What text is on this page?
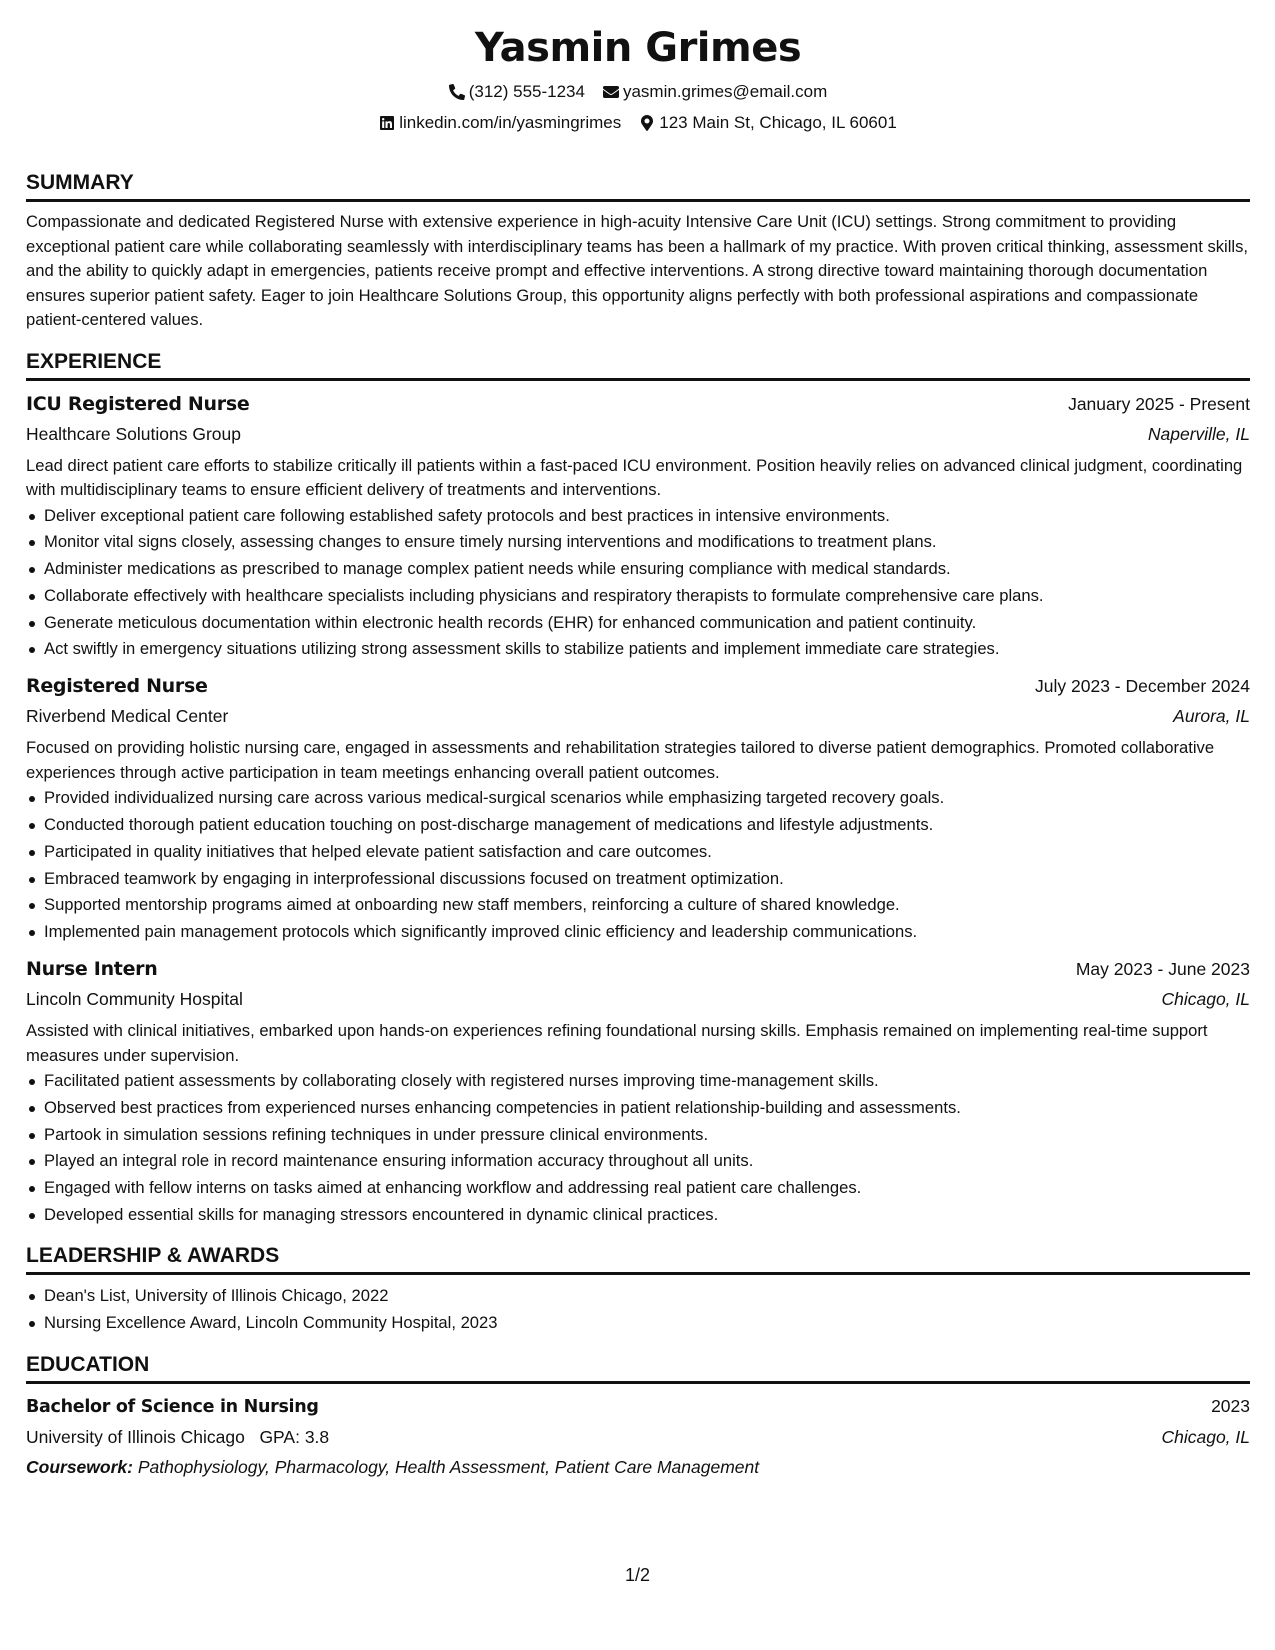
Yasmin Grimes
(312) 555-1234 yasmin.grimes@email.com
linkedin.com/in/yasmingrimes 123 Main St, Chicago, IL 60601
SUMMARY
Compassionate and dedicated Registered Nurse with extensive experience in high-acuity Intensive Care Unit (ICU) settings. Strong commitment to providing exceptional patient care while collaborating seamlessly with interdisciplinary teams has been a hallmark of my practice. With proven critical thinking, assessment skills, and the ability to quickly adapt in emergencies, patients receive prompt and effective interventions. A strong directive toward maintaining thorough documentation ensures superior patient safety. Eager to join Healthcare Solutions Group, this opportunity aligns perfectly with both professional aspirations and compassionate patient-centered values.
EXPERIENCE
ICU Registered Nurse	January 2025 - Present
Healthcare Solutions Group	Naperville, IL
Lead direct patient care efforts to stabilize critically ill patients within a fast-paced ICU environment. Position heavily relies on advanced clinical judgment, coordinating with multidisciplinary teams to ensure efficient delivery of treatments and interventions.
Deliver exceptional patient care following established safety protocols and best practices in intensive environments.
Monitor vital signs closely, assessing changes to ensure timely nursing interventions and modifications to treatment plans.
Administer medications as prescribed to manage complex patient needs while ensuring compliance with medical standards.
Collaborate effectively with healthcare specialists including physicians and respiratory therapists to formulate comprehensive care plans.
Generate meticulous documentation within electronic health records (EHR) for enhanced communication and patient continuity.
Act swiftly in emergency situations utilizing strong assessment skills to stabilize patients and implement immediate care strategies.
Registered Nurse	July 2023 - December 2024
Riverbend Medical Center	Aurora, IL
Focused on providing holistic nursing care, engaged in assessments and rehabilitation strategies tailored to diverse patient demographics. Promoted collaborative experiences through active participation in team meetings enhancing overall patient outcomes.
Provided individualized nursing care across various medical-surgical scenarios while emphasizing targeted recovery goals.
Conducted thorough patient education touching on post-discharge management of medications and lifestyle adjustments.
Participated in quality initiatives that helped elevate patient satisfaction and care outcomes.
Embraced teamwork by engaging in interprofessional discussions focused on treatment optimization.
Supported mentorship programs aimed at onboarding new staff members, reinforcing a culture of shared knowledge.
Implemented pain management protocols which significantly improved clinic efficiency and leadership communications.
Nurse Intern	May 2023 - June 2023
Lincoln Community Hospital	Chicago, IL
Assisted with clinical initiatives, embarked upon hands-on experiences refining foundational nursing skills. Emphasis remained on implementing real-time support measures under supervision.
Facilitated patient assessments by collaborating closely with registered nurses improving time-management skills.
Observed best practices from experienced nurses enhancing competencies in patient relationship-building and assessments.
Partook in simulation sessions refining techniques in under pressure clinical environments.
Played an integral role in record maintenance ensuring information accuracy throughout all units.
Engaged with fellow interns on tasks aimed at enhancing workflow and addressing real patient care challenges.
Developed essential skills for managing stressors encountered in dynamic clinical practices.
LEADERSHIP & AWARDS
Dean's List, University of Illinois Chicago, 2022
Nursing Excellence Award, Lincoln Community Hospital, 2023
EDUCATION
Bachelor of Science in Nursing	2023
University of Illinois Chicago GPA: 3.8	Chicago, IL
Coursework: Pathophysiology, Pharmacology, Health Assessment, Patient Care Management
1/2
